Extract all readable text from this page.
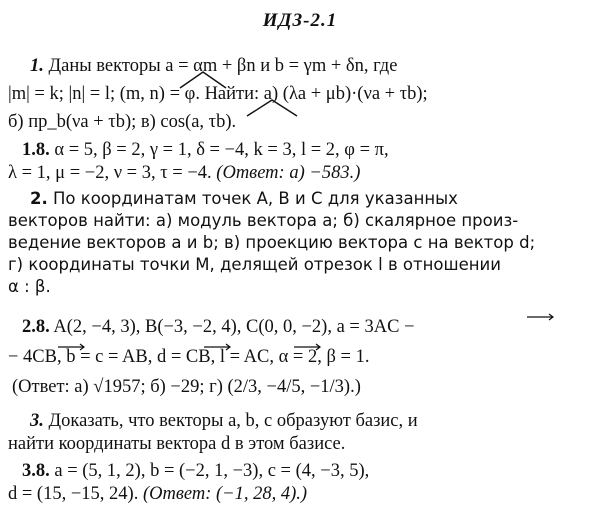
ИДЗ-2.1
1. Даны векторы a = αm + βn и b = γm + δn, где
|m| = k; |n| = l; (m, n) = φ. Найти: а) (λa + μb)·(νa + τb);
б) пр_b(νa + τb); в) cos(a, τb).
1.8. α = 5, β = 2, γ = 1, δ = −4, k = 3, l = 2, φ = π,
λ = 1, μ = −2, ν = 3, τ = −4. (Ответ: а) −583.)
2. По координатам точек A, B и C для указанных
векторов найти: а) модуль вектора a; б) скалярное произ-
ведение векторов a и b; в) проекцию вектора c на вектор d;
г) координаты точки M, делящей отрезок l в отношении
α : β.
2.8. A(2, −4, 3), B(−3, −2, 4), C(0, 0, −2), a = 3AC −
− 4CB, b = c = AB, d = CB, l = AC, α = 2, β = 1.
(Ответ: а) √1957; б) −29; г) (2/3, −4/5, −1/3).)
3. Доказать, что векторы a, b, c образуют базис, и
найти координаты вектора d в этом базисе.
3.8. a = (5, 1, 2), b = (−2, 1, −3), c = (4, −3, 5),
d = (15, −15, 24). (Ответ: (−1, 28, 4).)
